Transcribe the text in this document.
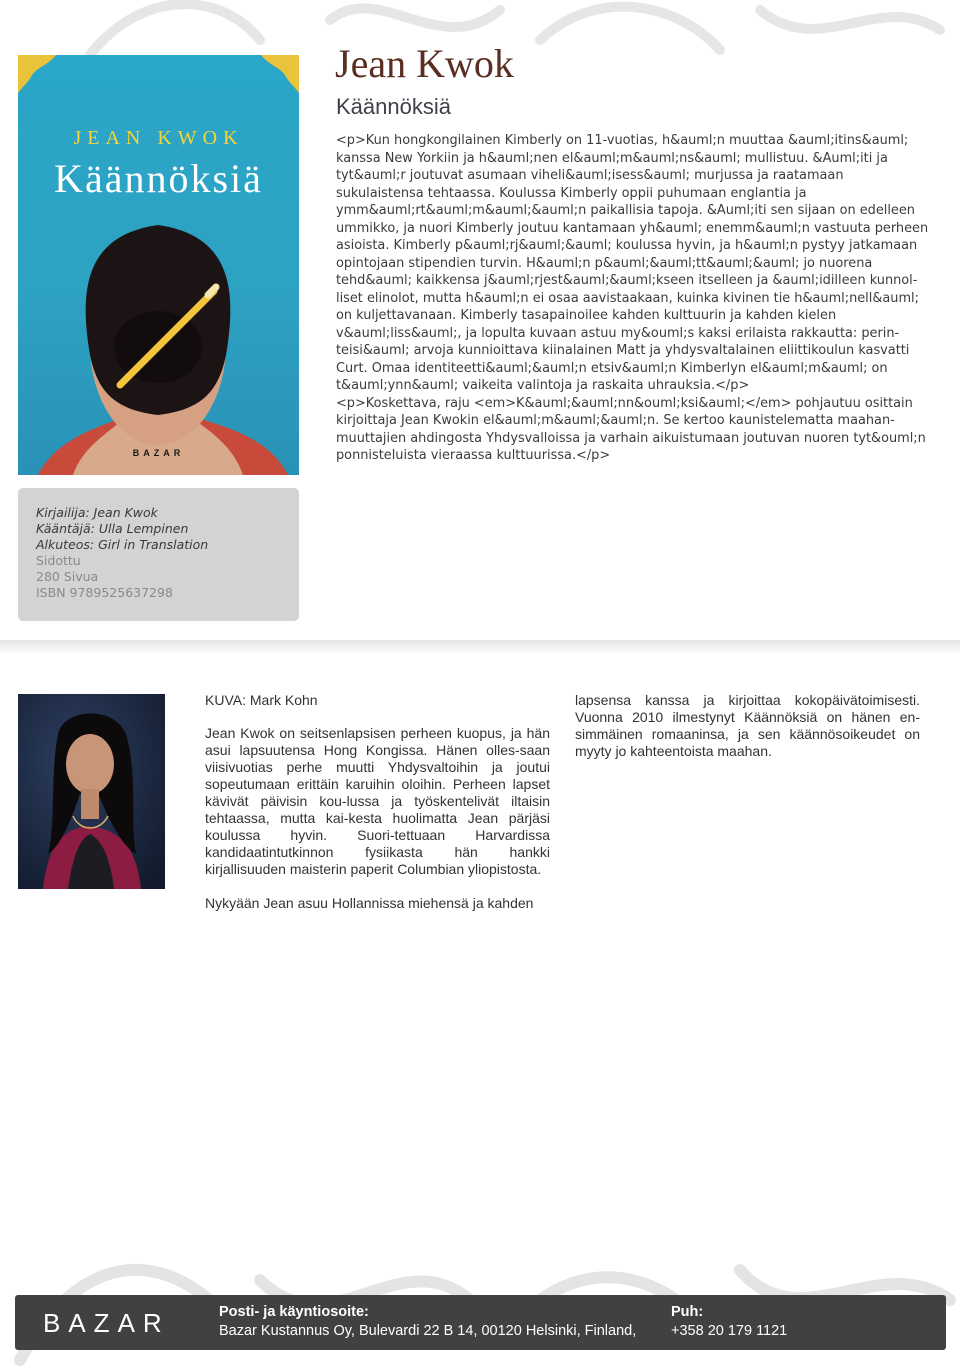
JEAN KWOK
Käännöksiä
BAZAR
Jean Kwok
Käännöksiä

<p>Kun hongkongilainen Kimberly on 11-vuotias, h&auml;n muuttaa &auml;itins&auml; kanssa New Yorkiin ja h&auml;nen el&auml;m&auml;ns&auml; mullistuu. &Auml;iti ja tyt&auml;r joutuvat asumaan viheli&auml;isess&auml; murjussa ja raatamaan sukulaistensa tehtaassa. Koulussa Kimberly oppii puhumaan englantia ja ymm&auml;rt&auml;m&auml;&auml;n paikallisia tapoja. &Auml;iti sen sijaan on edelleen ummikko, ja nuori Kimberly joutuu kantamaan yh&auml; enemm&auml;n vastuuta perheen asioista. Kimberly p&auml;rj&auml;&auml; koulussa hyvin, ja h&auml;n pystyy jatkamaan opintojaan stipendien turvin. H&auml;n p&auml;&auml;tt&auml;&auml; jo nuorena tehd&auml; kaikkensa j&auml;rjest&auml;&auml;kseen itselleen ja &auml;idilleen kunnol-liset elinolot, mutta h&auml;n ei osaa aavistaakaan, kuinka kivinen tie h&auml;nell&auml; on kuljettavanaan. Kimberly tasapainoilee kahden kulttuurin ja kahden kielen v&auml;liss&auml;, ja lopulta kuvaan astuu my&ouml;s kaksi erilaista rakkautta: perin-teisi&auml; arvoja kunnioittava kiinalainen Matt ja yhdysvaltalainen eliittikoulun kasvatti Curt. Omaa identiteetti&auml;&auml;n etsiv&auml;n Kimberlyn el&auml;m&auml; on t&auml;ynn&auml; vaikeita valintoja ja raskaita uhrauksia.</p>

<p>Koskettava, raju <em>K&auml;&auml;nn&ouml;ksi&auml;</em> pohjautuu osittain kirjoittaja Jean Kwokin el&auml;m&auml;&auml;n. Se kertoo kaunistelematta maahan-muuttajien ahdingosta Yhdysvalloissa ja varhain aikuistumaan joutuvan nuoren tyt&ouml;n ponnisteluista vieraassa kulttuurissa.</p>

Kirjailija: Jean Kwok
Kääntäjä: Ulla Lempinen
Alkuteos: Girl in Translation
Sidottu
280 Sivua
ISBN 9789525637298
KUVA: Mark Kohn

Jean Kwok on seitsenlapsisen perheen kuopus, ja hän asui lapsuutensa Hong Kongissa. Hänen olles-saan viisivuotias perhe muutti Yhdysvaltoihin ja joutui sopeutumaan erittäin karuihin oloihin. Perheen lapset kävivät päivisin kou-lussa ja työskentelivät iltaisin tehtaassa, mutta kai-kesta huolimatta Jean pärjäsi koulussa hyvin. Suori-tettuaan Harvardissa kandidaatintutkinnon fysiikasta hän hankki kirjallisuuden maisterin paperit Columbian yliopistosta.

Nykyään Jean asuu Hollannissa miehensä ja kahden

lapsensa kanssa ja kirjoittaa kokopäivätoimisesti. Vuonna 2010 ilmestynyt Käännöksiä on hänen en-simmäinen romaaninsa, ja sen käännösoikeudet on myyty jo kahteentoista maahan.

BAZAR	Posti- ja käyntiosoite:
Bazar Kustannus Oy, Bulevardi 22 B 14, 00120 Helsinki, Finland,
Puh:
+358 20 179 1121
